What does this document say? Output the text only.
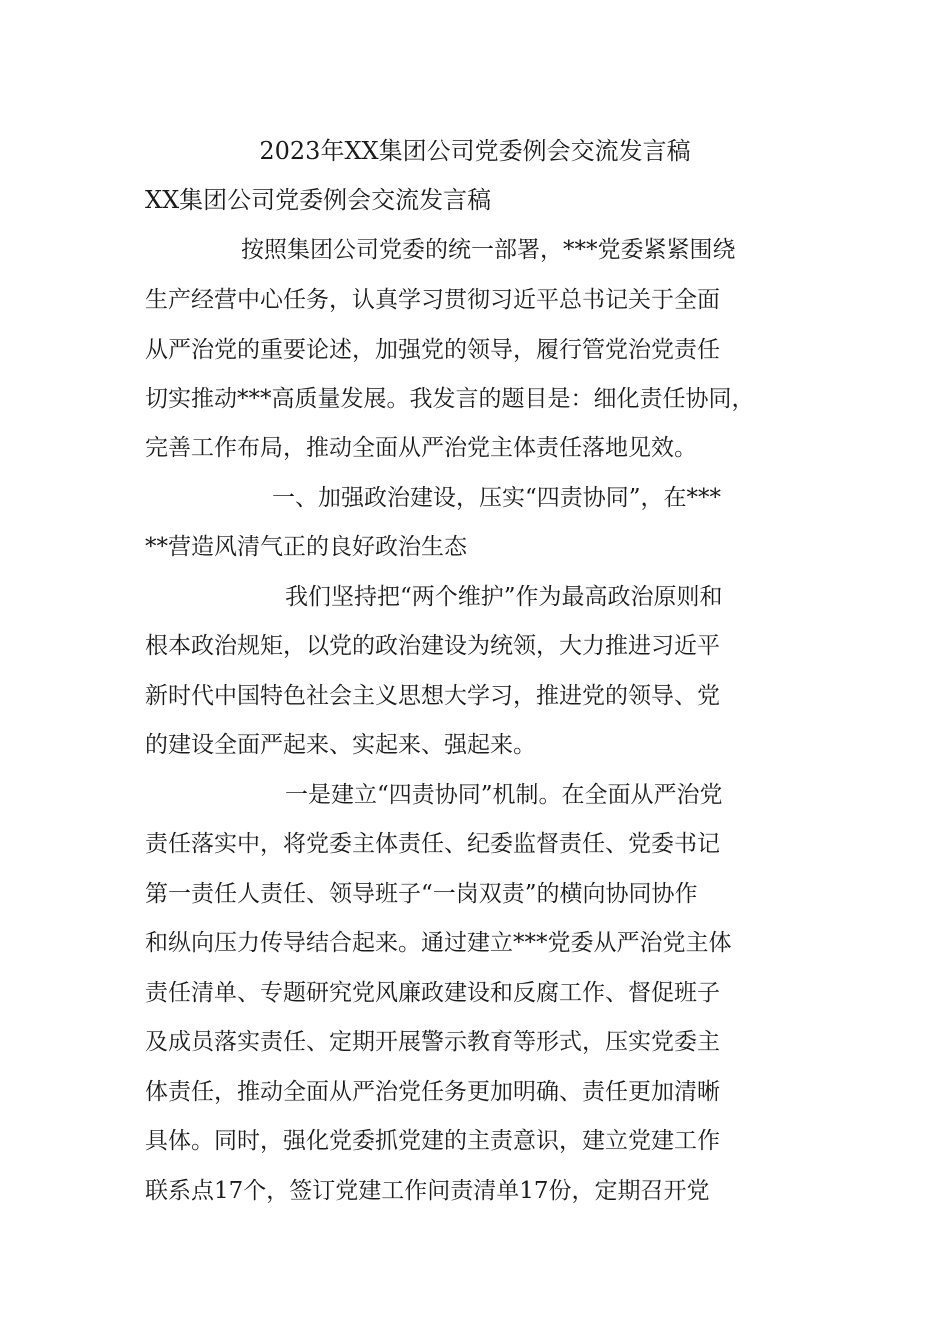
2023年XX集团公司党委例会交流发言稿
XX集团公司党委例会交流发言稿
按照集团公司党委的统一部署，***党委紧紧围绕
生产经营中心任务，认真学习贯彻习近平总书记关于全面
从严治党的重要论述，加强党的领导，履行管党治党责任
切实推动***高质量发展。我发言的题目是：细化责任协同，
完善工作布局，推动全面从严治党主体责任落地见效。
一、加强政治建设，压实“四责协同”，在***
**营造风清气正的良好政治生态
我们坚持把“两个维护”作为最高政治原则和
根本政治规矩，以党的政治建设为统领，大力推进习近平
新时代中国特色社会主义思想大学习，推进党的领导、党
的建设全面严起来、实起来、强起来。
一是建立“四责协同”机制。在全面从严治党
责任落实中，将党委主体责任、纪委监督责任、党委书记
第一责任人责任、领导班子“一岗双责”的横向协同协作
和纵向压力传导结合起来。通过建立***党委从严治党主体
责任清单、专题研究党风廉政建设和反腐工作、督促班子
及成员落实责任、定期开展警示教育等形式，压实党委主
体责任，推动全面从严治党任务更加明确、责任更加清晰
具体。同时，强化党委抓党建的主责意识，建立党建工作
联系点17个，签订党建工作问责清单17份，定期召开党
